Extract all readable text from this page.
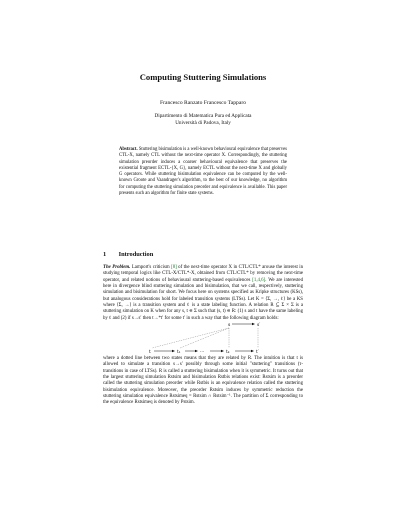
Computing Stuttering Simulations
Francesco Ranzato Francesco Tapparo
Dipartimento di Matematica Pura ed Applicata
Università di Padova, Italy
Abstract. Stuttering bisimulation is a well-known behavioural equivalence that preserves CTL-X, namely CTL without the next-time operator X. Correspondingly, the stuttering simulation preorder induces a coarser behavioural equivalence that preserves the existential fragment ECTL-{X, G}, namely ECTL without the next-time X and globally G operators. While stuttering bisimulation equivalence can be computed by the well-known Groote and Vaandrager's algorithm, to the best of our knowledge, no algorithm for computing the stuttering simulation preorder and equivalence is available. This paper presents such an algorithm for finite state systems.
1 Introduction
The Problem. Lamport's criticism [8] of the next-time operator X in CTL/CTL* arouse the interest in studying temporal logics like CTL-X/CTL*-X, obtained from CTL/CTL* by removing the next-time operator, and related notions of behavioural stuttering-based equivalences [1,4,6]. We are interested here in divergence blind stuttering simulation and bisimulation, that we call, respectively, stuttering simulation and bisimulation for short. We focus here on systems specified as Kripke structures (KSs), but analogous considerations hold for labeled transition systems (LTSs). Let K = ⟨Σ, →, ℓ⟩ be a KS where ⟨Σ, →⟩ is a transition system and ℓ is a state labeling function. A relation R ⊆ Σ × Σ is a stuttering simulation on K when for any s, t ∈ Σ such that (s, t) ∈ R: (1) s and t have the same labeling by ℓ and (2) if s→s′ then t→*t′ for some t′ in such a way that the following diagram holds:
s	s′
t	t₁	···	tₖ	t′
where a dotted line between two states means that they are related by R. The intuition is that t is allowed to simulate a transition s→s′ possibly through some initial "stuttering" transitions (τ-transitions in case of LTSs). R is called a stuttering bisimulation when it is symmetric. It turns out that the largest stuttering simulation Rstsim and bisimulation Rstbis relations exist: Rstsim is a preorder called the stuttering simulation preorder while Rstbis is an equivalence relation called the stuttering bisimulation equivalence. Moreover, the preorder Rstsim induces by symmetric reduction the stuttering simulation equivalence Rstsimeq = Rstsim ∩ Rstsim⁻¹. The partition of Σ corresponding to the equivalence Rstsimeq is denoted by Pstsim.
